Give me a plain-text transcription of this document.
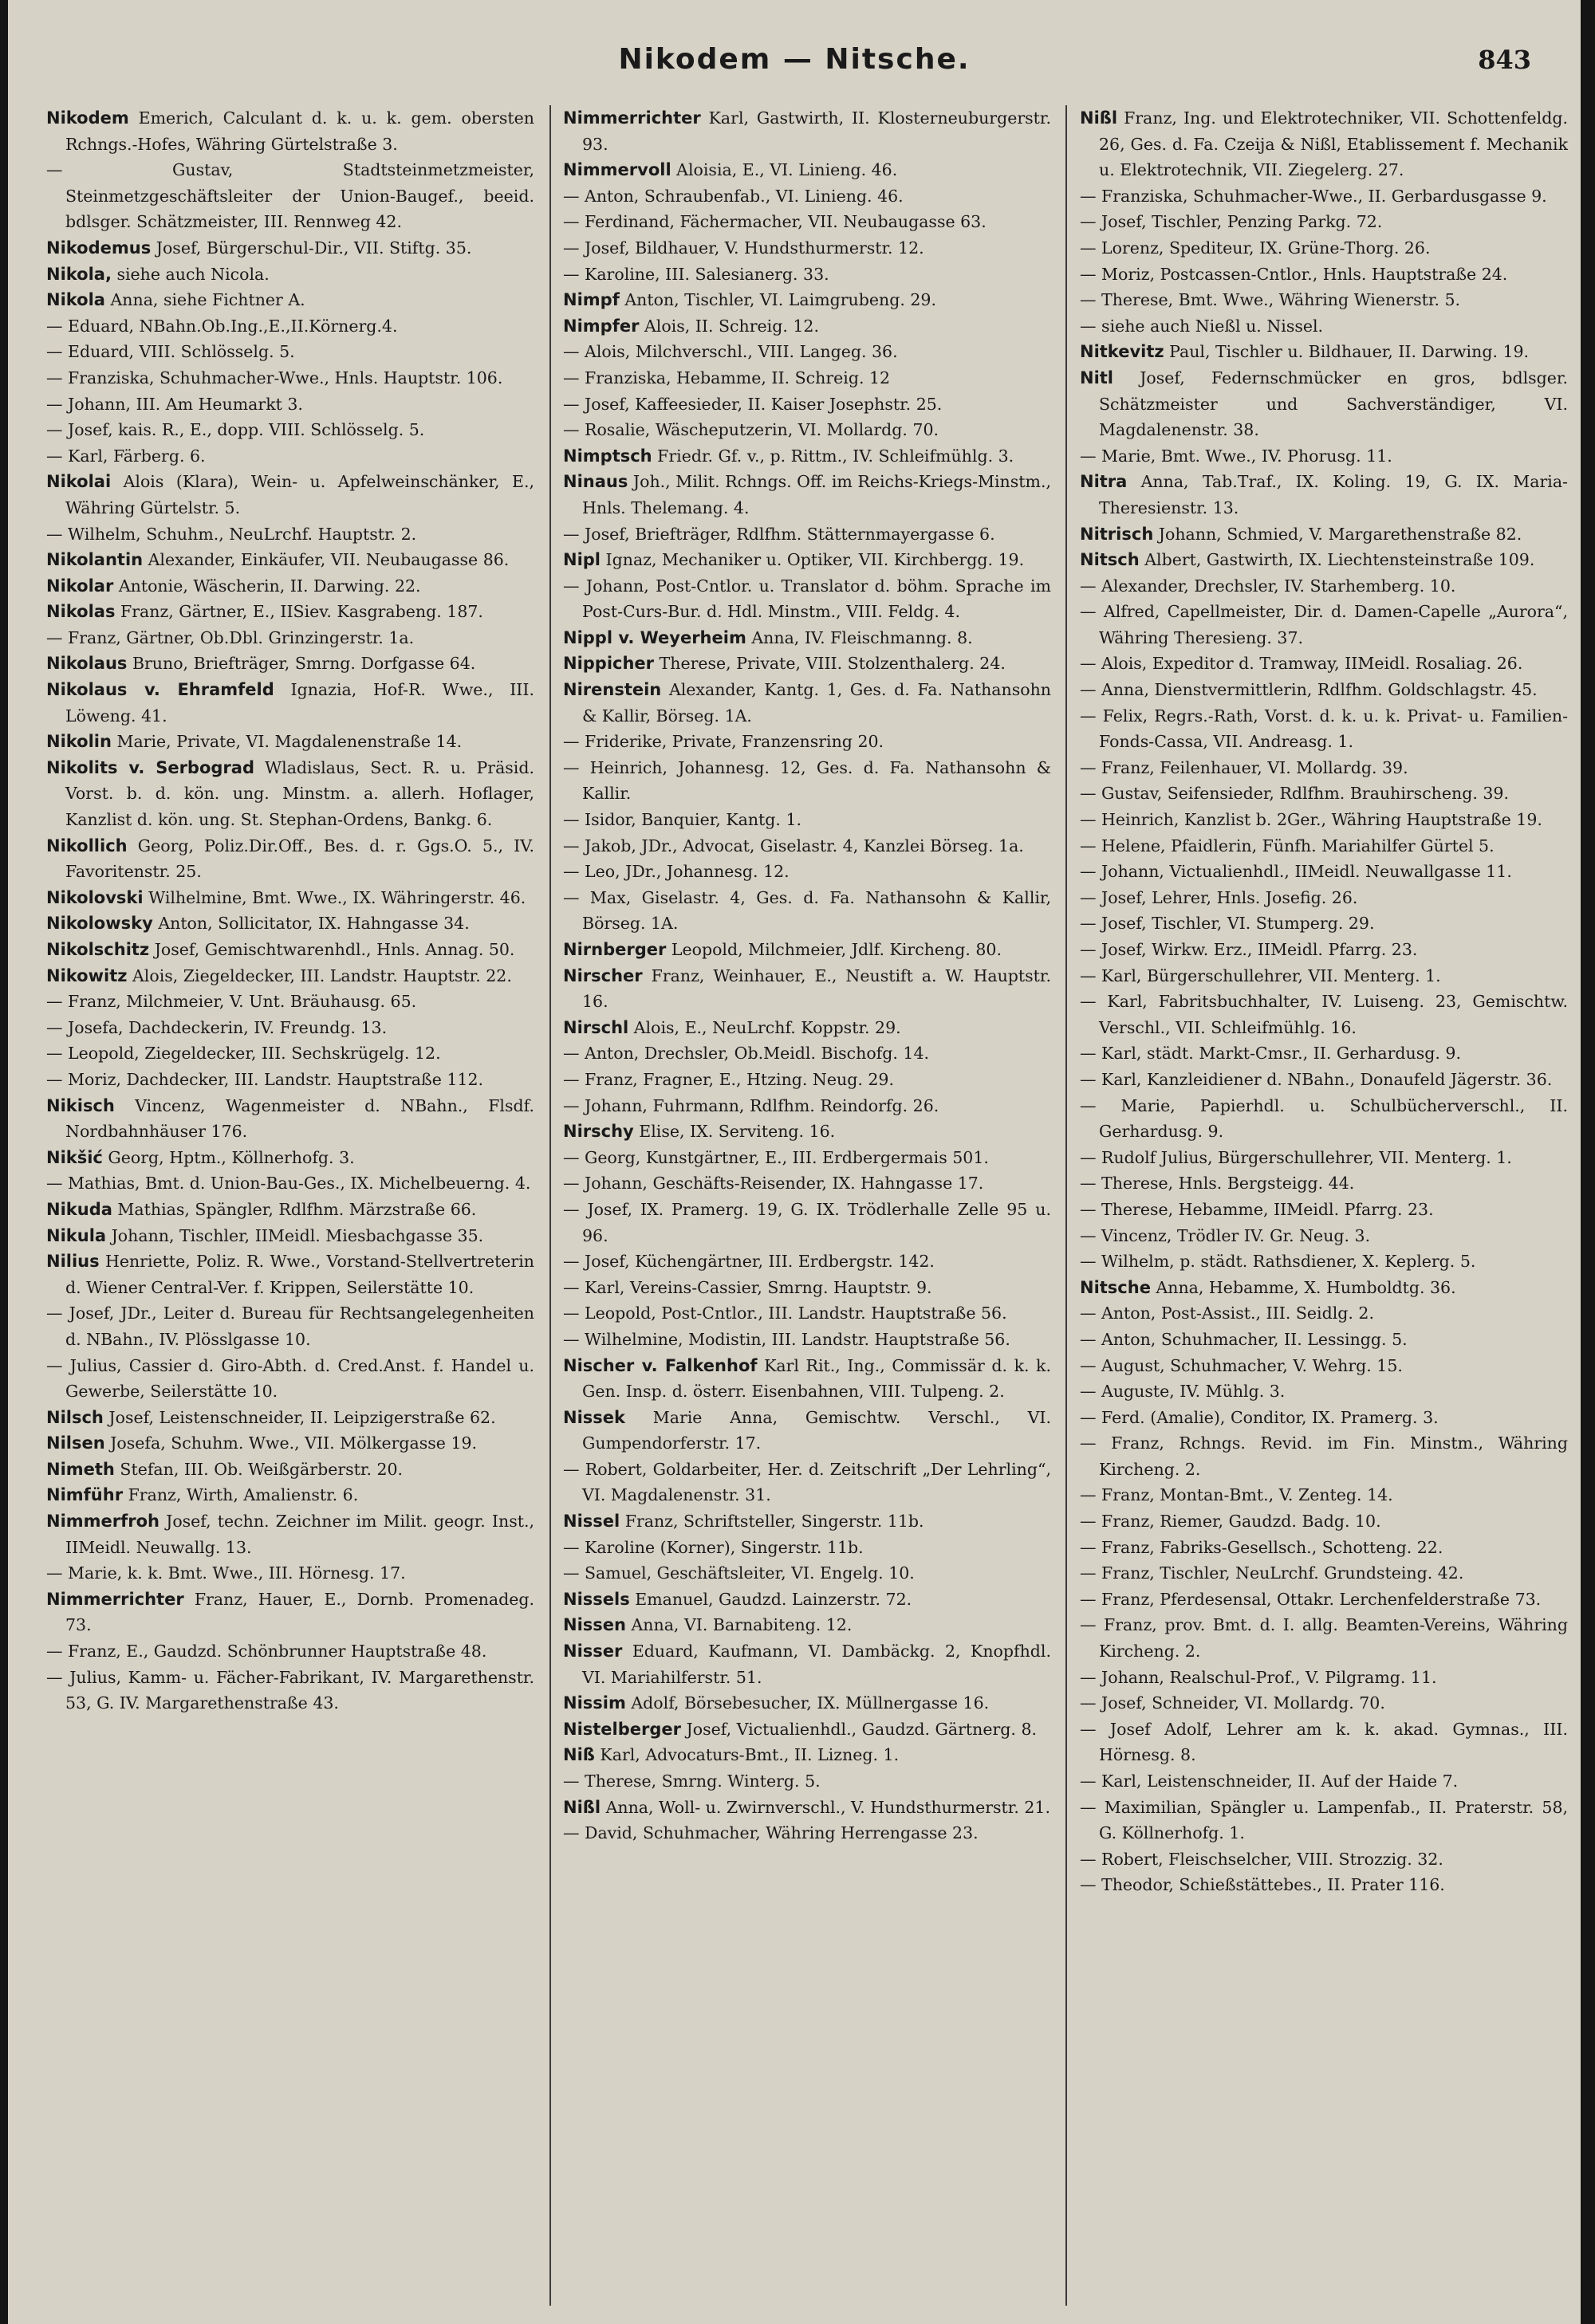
Nikodem — Nitsche.	843

Nikodem Emerich, Calculant d. k. u. k. gem. obersten Rchngs.-Hofes, Währing Gürtelstraße 3.

— Gustav, Stadtsteinmetzmeister, Steinmetzgeschäftsleiter der Union-Baugef., beeid. bdlsger. Schätzmeister, III. Rennweg 42.

Nikodemus Josef, Bürgerschul-Dir., VII. Stiftg. 35.

Nikola, siehe auch Nicola.

Nikola Anna, siehe Fichtner A.

— Eduard, NBahn.Ob.Ing.,E.,II.Körnerg.4.

— Eduard, VIII. Schlösselg. 5.

— Franziska, Schuhmacher-Wwe., Hnls. Hauptstr. 106.

— Johann, III. Am Heumarkt 3.

— Josef, kais. R., E., dopp. VIII. Schlösselg. 5.

— Karl, Färberg. 6.

Nikolai Alois (Klara), Wein- u. Apfelweinschänker, E., Währing Gürtelstr. 5.

— Wilhelm, Schuhm., NeuLrchf. Hauptstr. 2.

Nikolantin Alexander, Einkäufer, VII. Neubaugasse 86.

Nikolar Antonie, Wäscherin, II. Darwing. 22.

Nikolas Franz, Gärtner, E., IISiev. Kasgrabeng. 187.

— Franz, Gärtner, Ob.Dbl. Grinzingerstr. 1a.

Nikolaus Bruno, Briefträger, Smrng. Dorfgasse 64.

Nikolaus v. Ehramfeld Ignazia, Hof-R. Wwe., III. Löweng. 41.

Nikolin Marie, Private, VI. Magdalenenstraße 14.

Nikolits v. Serbograd Wladislaus, Sect. R. u. Präsid. Vorst. b. d. kön. ung. Minstm. a. allerh. Hoflager, Kanzlist d. kön. ung. St. Stephan-Ordens, Bankg. 6.

Nikollich Georg, Poliz.Dir.Off., Bes. d. r. Ggs.O. 5., IV. Favoritenstr. 25.

Nikolovski Wilhelmine, Bmt. Wwe., IX. Währingerstr. 46.

Nikolowsky Anton, Sollicitator, IX. Hahngasse 34.

Nikolschitz Josef, Gemischtwarenhdl., Hnls. Annag. 50.

Nikowitz Alois, Ziegeldecker, III. Landstr. Hauptstr. 22.

— Franz, Milchmeier, V. Unt. Bräuhausg. 65.

— Josefa, Dachdeckerin, IV. Freundg. 13.

— Leopold, Ziegeldecker, III. Sechskrügelg. 12.

— Moriz, Dachdecker, III. Landstr. Hauptstraße 112.

Nikisch Vincenz, Wagenmeister d. NBahn., Flsdf. Nordbahnhäuser 176.

Nikšić Georg, Hptm., Köllnerhofg. 3.

— Mathias, Bmt. d. Union-Bau-Ges., IX. Michelbeuerng. 4.

Nikuda Mathias, Spängler, Rdlfhm. Märzstraße 66.

Nikula Johann, Tischler, IIMeidl. Miesbachgasse 35.

Nilius Henriette, Poliz. R. Wwe., Vorstand-Stellvertreterin d. Wiener Central-Ver. f. Krippen, Seilerstätte 10.

— Josef, JDr., Leiter d. Bureau für Rechtsangelegenheiten d. NBahn., IV. Plösslgasse 10.

— Julius, Cassier d. Giro-Abth. d. Cred.Anst. f. Handel u. Gewerbe, Seilerstätte 10.

Nilsch Josef, Leistenschneider, II. Leipzigerstraße 62.

Nilsen Josefa, Schuhm. Wwe., VII. Mölkergasse 19.

Nimeth Stefan, III. Ob. Weißgärberstr. 20.

Nimführ Franz, Wirth, Amalienstr. 6.

Nimmerfroh Josef, techn. Zeichner im Milit. geogr. Inst., IIMeidl. Neuwallg. 13.

— Marie, k. k. Bmt. Wwe., III. Hörnesg. 17.

Nimmerrichter Franz, Hauer, E., Dornb. Promenadeg. 73.

— Franz, E., Gaudzd. Schönbrunner Hauptstraße 48.

— Julius, Kamm- u. Fächer-Fabrikant, IV. Margarethenstr. 53, G. IV. Margarethenstraße 43.

Nimmerrichter Karl, Gastwirth, II. Klosterneuburgerstr. 93.

Nimmervoll Aloisia, E., VI. Linieng. 46.

— Anton, Schraubenfab., VI. Linieng. 46.

— Ferdinand, Fächermacher, VII. Neubaugasse 63.

— Josef, Bildhauer, V. Hundsthurmerstr. 12.

— Karoline, III. Salesianerg. 33.

Nimpf Anton, Tischler, VI. Laimgrubeng. 29.

Nimpfer Alois, II. Schreig. 12.

— Alois, Milchverschl., VIII. Langeg. 36.

— Franziska, Hebamme, II. Schreig. 12

— Josef, Kaffeesieder, II. Kaiser Josephstr. 25.

— Rosalie, Wäscheputzerin, VI. Mollardg. 70.

Nimptsch Friedr. Gf. v., p. Rittm., IV. Schleifmühlg. 3.

Ninaus Joh., Milit. Rchngs. Off. im Reichs-Kriegs-Minstm., Hnls. Thelemang. 4.

— Josef, Briefträger, Rdlfhm. Stätternmayergasse 6.

Nipl Ignaz, Mechaniker u. Optiker, VII. Kirchbergg. 19.

— Johann, Post-Cntlor. u. Translator d. böhm. Sprache im Post-Curs-Bur. d. Hdl. Minstm., VIII. Feldg. 4.

Nippl v. Weyerheim Anna, IV. Fleischmanng. 8.

Nippicher Therese, Private, VIII. Stolzenthalerg. 24.

Nirenstein Alexander, Kantg. 1, Ges. d. Fa. Nathansohn & Kallir, Börseg. 1A.

— Friderike, Private, Franzensring 20.

— Heinrich, Johannesg. 12, Ges. d. Fa. Nathansohn & Kallir.

— Isidor, Banquier, Kantg. 1.

— Jakob, JDr., Advocat, Giselastr. 4, Kanzlei Börseg. 1a.

— Leo, JDr., Johannesg. 12.

— Max, Giselastr. 4, Ges. d. Fa. Nathansohn & Kallir, Börseg. 1A.

Nirnberger Leopold, Milchmeier, Jdlf. Kircheng. 80.

Nirscher Franz, Weinhauer, E., Neustift a. W. Hauptstr. 16.

Nirschl Alois, E., NeuLrchf. Koppstr. 29.

— Anton, Drechsler, Ob.Meidl. Bischofg. 14.

— Franz, Fragner, E., Htzing. Neug. 29.

— Johann, Fuhrmann, Rdlfhm. Reindorfg. 26.

Nirschy Elise, IX. Serviteng. 16.

— Georg, Kunstgärtner, E., III. Erdbergermais 501.

— Johann, Geschäfts-Reisender, IX. Hahngasse 17.

— Josef, IX. Pramerg. 19, G. IX. Trödlerhalle Zelle 95 u. 96.

— Josef, Küchengärtner, III. Erdbergstr. 142.

— Karl, Vereins-Cassier, Smrng. Hauptstr. 9.

— Leopold, Post-Cntlor., III. Landstr. Hauptstraße 56.

— Wilhelmine, Modistin, III. Landstr. Hauptstraße 56.

Nischer v. Falkenhof Karl Rit., Ing., Commissär d. k. k. Gen. Insp. d. österr. Eisenbahnen, VIII. Tulpeng. 2.

Nissek Marie Anna, Gemischtw. Verschl., VI. Gumpendorferstr. 17.

— Robert, Goldarbeiter, Her. d. Zeitschrift „Der Lehrling“, VI. Magdalenenstr. 31.

Nissel Franz, Schriftsteller, Singerstr. 11b.

— Karoline (Korner), Singerstr. 11b.

— Samuel, Geschäftsleiter, VI. Engelg. 10.

Nissels Emanuel, Gaudzd. Lainzerstr. 72.

Nissen Anna, VI. Barnabiteng. 12.

Nisser Eduard, Kaufmann, VI. Dambäckg. 2, Knopfhdl. VI. Mariahilferstr. 51.

Nissim Adolf, Börsebesucher, IX. Müllnergasse 16.

Nistelberger Josef, Victualienhdl., Gaudzd. Gärtnerg. 8.

Niß Karl, Advocaturs-Bmt., II. Lizneg. 1.

— Therese, Smrng. Winterg. 5.

Nißl Anna, Woll- u. Zwirnverschl., V. Hundsthurmerstr. 21.

— David, Schuhmacher, Währing Herrengasse 23.

Nißl Franz, Ing. und Elektrotechniker, VII. Schottenfeldg. 26, Ges. d. Fa. Czeija & Nißl, Etablissement f. Mechanik u. Elektrotechnik, VII. Ziegelerg. 27.

— Franziska, Schuhmacher-Wwe., II. Gerbardusgasse 9.

— Josef, Tischler, Penzing Parkg. 72.

— Lorenz, Spediteur, IX. Grüne-Thorg. 26.

— Moriz, Postcassen-Cntlor., Hnls. Hauptstraße 24.

— Therese, Bmt. Wwe., Währing Wienerstr. 5.

— siehe auch Nießl u. Nissel.

Nitkevitz Paul, Tischler u. Bildhauer, II. Darwing. 19.

Nitl Josef, Federnschmücker en gros, bdlsger. Schätzmeister und Sachverständiger, VI. Magdalenenstr. 38.

— Marie, Bmt. Wwe., IV. Phorusg. 11.

Nitra Anna, Tab.Traf., IX. Koling. 19, G. IX. Maria-Theresienstr. 13.

Nitrisch Johann, Schmied, V. Margarethenstraße 82.

Nitsch Albert, Gastwirth, IX. Liechtensteinstraße 109.

— Alexander, Drechsler, IV. Starhemberg. 10.

— Alfred, Capellmeister, Dir. d. Damen-Capelle „Aurora“, Währing Theresieng. 37.

— Alois, Expeditor d. Tramway, IIMeidl. Rosaliag. 26.

— Anna, Dienstvermittlerin, Rdlfhm. Goldschlagstr. 45.

— Felix, Regrs.-Rath, Vorst. d. k. u. k. Privat- u. Familien-Fonds-Cassa, VII. Andreasg. 1.

— Franz, Feilenhauer, VI. Mollardg. 39.

— Gustav, Seifensieder, Rdlfhm. Brauhirscheng. 39.

— Heinrich, Kanzlist b. 2Ger., Währing Hauptstraße 19.

— Helene, Pfaidlerin, Fünfh. Mariahilfer Gürtel 5.

— Johann, Victualienhdl., IIMeidl. Neuwallgasse 11.

— Josef, Lehrer, Hnls. Josefig. 26.

— Josef, Tischler, VI. Stumperg. 29.

— Josef, Wirkw. Erz., IIMeidl. Pfarrg. 23.

— Karl, Bürgerschullehrer, VII. Menterg. 1.

— Karl, Fabritsbuchhalter, IV. Luiseng. 23, Gemischtw. Verschl., VII. Schleifmühlg. 16.

— Karl, städt. Markt-Cmsr., II. Gerhardusg. 9.

— Karl, Kanzleidiener d. NBahn., Donaufeld Jägerstr. 36.

— Marie, Papierhdl. u. Schulbücherverschl., II. Gerhardusg. 9.

— Rudolf Julius, Bürgerschullehrer, VII. Menterg. 1.

— Therese, Hnls. Bergsteigg. 44.

— Therese, Hebamme, IIMeidl. Pfarrg. 23.

— Vincenz, Trödler IV. Gr. Neug. 3.

— Wilhelm, p. städt. Rathsdiener, X. Keplerg. 5.

Nitsche Anna, Hebamme, X. Humboldtg. 36.

— Anton, Post-Assist., III. Seidlg. 2.

— Anton, Schuhmacher, II. Lessingg. 5.

— August, Schuhmacher, V. Wehrg. 15.

— Auguste, IV. Mühlg. 3.

— Ferd. (Amalie), Conditor, IX. Pramerg. 3.

— Franz, Rchngs. Revid. im Fin. Minstm., Währing Kircheng. 2.

— Franz, Montan-Bmt., V. Zenteg. 14.

— Franz, Riemer, Gaudzd. Badg. 10.

— Franz, Fabriks-Gesellsch., Schotteng. 22.

— Franz, Tischler, NeuLrchf. Grundsteing. 42.

— Franz, Pferdesensal, Ottakr. Lerchenfelderstraße 73.

— Franz, prov. Bmt. d. I. allg. Beamten-Vereins, Währing Kircheng. 2.

— Johann, Realschul-Prof., V. Pilgramg. 11.

— Josef, Schneider, VI. Mollardg. 70.

— Josef Adolf, Lehrer am k. k. akad. Gymnas., III. Hörnesg. 8.

— Karl, Leistenschneider, II. Auf der Haide 7.

— Maximilian, Spängler u. Lampenfab., II. Praterstr. 58, G. Köllnerhofg. 1.

— Robert, Fleischselcher, VIII. Strozzig. 32.

— Theodor, Schießstättebes., II. Prater 116.
